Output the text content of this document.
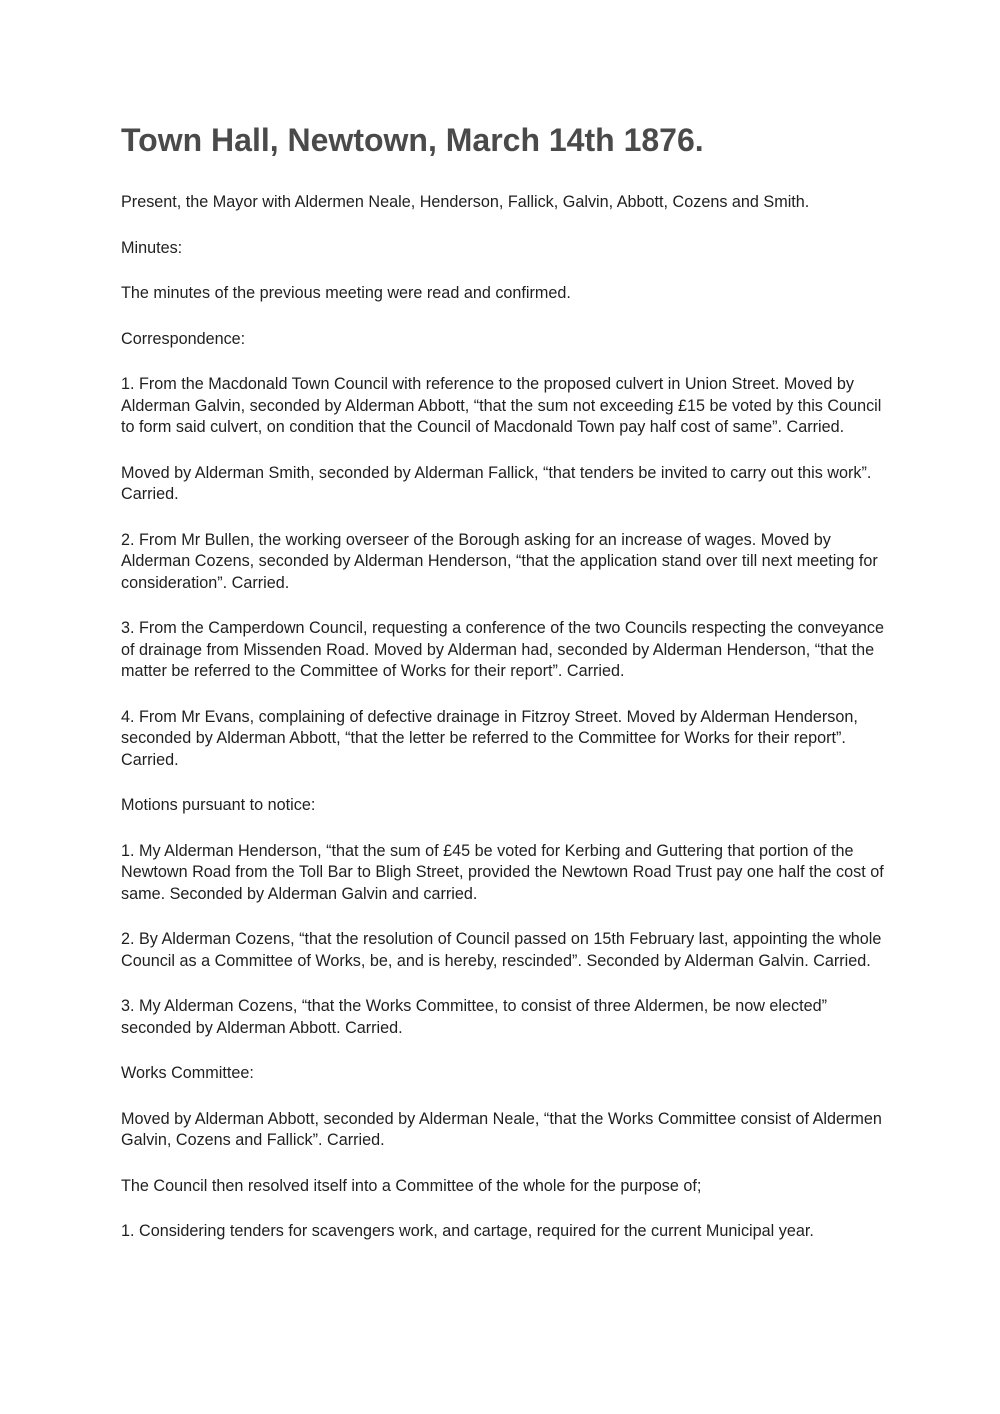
Town Hall, Newtown, March 14th 1876.

Present, the Mayor with Aldermen Neale, Henderson, Fallick, Galvin, Abbott, Cozens and Smith.

Minutes:

The minutes of the previous meeting were read and confirmed.

Correspondence:

1. From the Macdonald Town Council with reference to the proposed culvert in Union Street. Moved by Alderman Galvin, seconded by Alderman Abbott, “that the sum not exceeding £15 be voted by this Council to form said culvert, on condition that the Council of Macdonald Town pay half cost of same”. Carried.

Moved by Alderman Smith, seconded by Alderman Fallick, “that tenders be invited to carry out this work”. Carried.

2. From Mr Bullen, the working overseer of the Borough asking for an increase of wages. Moved by Alderman Cozens, seconded by Alderman Henderson, “that the application stand over till next meeting for consideration”. Carried.

3. From the Camperdown Council, requesting a conference of the two Councils respecting the conveyance of drainage from Missenden Road. Moved by Alderman had, seconded by Alderman Henderson, “that the matter be referred to the Committee of Works for their report”. Carried.

4. From Mr Evans, complaining of defective drainage in Fitzroy Street. Moved by Alderman Henderson, seconded by Alderman Abbott, “that the letter be referred to the Committee for Works for their report”. Carried.

Motions pursuant to notice:

1. My Alderman Henderson, “that the sum of £45 be voted for Kerbing and Guttering that portion of the Newtown Road from the Toll Bar to Bligh Street, provided the Newtown Road Trust pay one half the cost of same. Seconded by Alderman Galvin and carried.

2. By Alderman Cozens, “that the resolution of Council passed on 15th February last, appointing the whole Council as a Committee of Works, be, and is hereby, rescinded”. Seconded by Alderman Galvin. Carried.

3. My Alderman Cozens, “that the Works Committee, to consist of three Aldermen, be now elected” seconded by Alderman Abbott. Carried.

Works Committee:

Moved by Alderman Abbott, seconded by Alderman Neale, “that the Works Committee consist of Aldermen Galvin, Cozens and Fallick”. Carried.

The Council then resolved itself into a Committee of the whole for the purpose of;

1. Considering tenders for scavengers work, and cartage, required for the current Municipal year.
